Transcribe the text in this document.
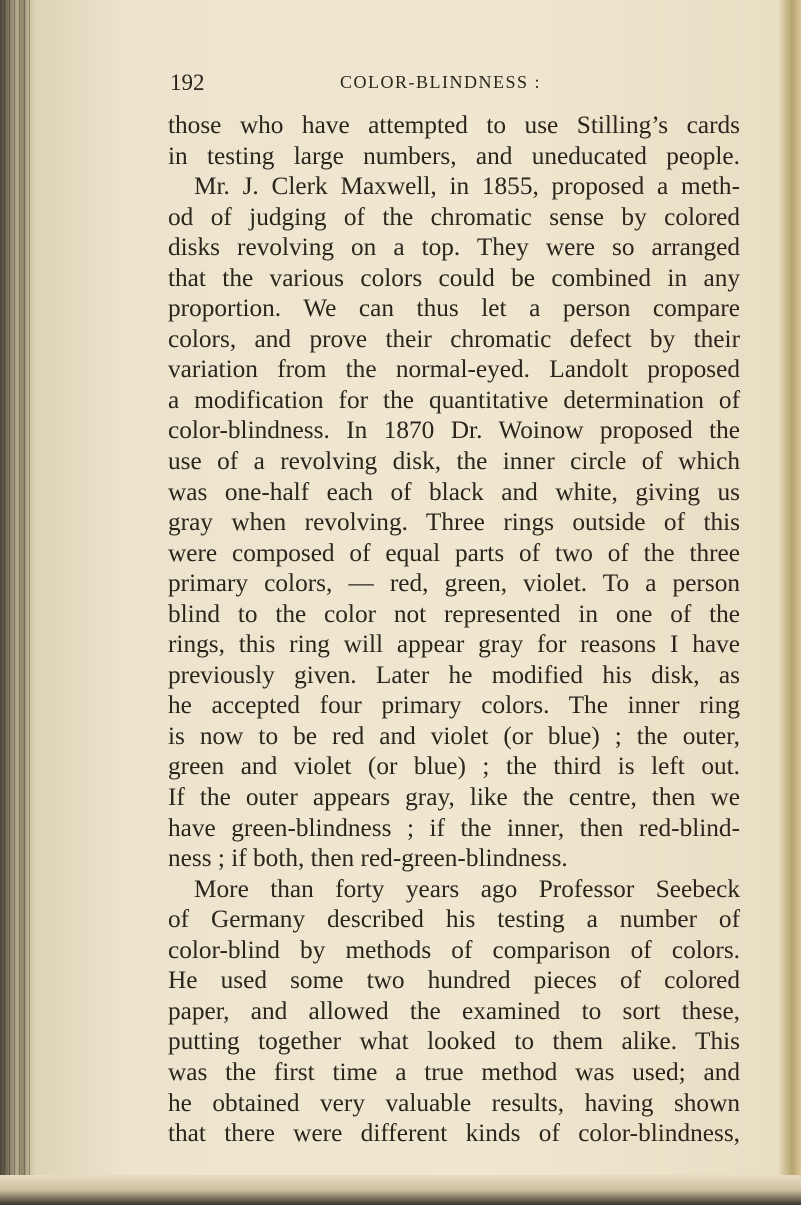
192	COLOR-BLINDNESS :
those who have attempted to use Stilling’s cards
in testing large numbers, and uneducated people.
Mr. J. Clerk Maxwell, in 1855, proposed a meth-
od of judging of the chromatic sense by colored
disks revolving on a top. They were so arranged
that the various colors could be combined in any
proportion. We can thus let a person compare
colors, and prove their chromatic defect by their
variation from the normal-eyed. Landolt proposed
a modification for the quantitative determination of
color-blindness. In 1870 Dr. Woinow proposed the
use of a revolving disk, the inner circle of which
was one-half each of black and white, giving us
gray when revolving. Three rings outside of this
were composed of equal parts of two of the three
primary colors, — red, green, violet. To a person
blind to the color not represented in one of the
rings, this ring will appear gray for reasons I have
previously given. Later he modified his disk, as
he accepted four primary colors. The inner ring
is now to be red and violet (or blue) ; the outer,
green and violet (or blue) ; the third is left out.
If the outer appears gray, like the centre, then we
have green-blindness ; if the inner, then red-blind-
ness ; if both, then red-green-blindness.
More than forty years ago Professor Seebeck
of Germany described his testing a number of
color-blind by methods of comparison of colors.
He used some two hundred pieces of colored
paper, and allowed the examined to sort these,
putting together what looked to them alike. This
was the first time a true method was used; and
he obtained very valuable results, having shown
that there were different kinds of color-blindness,
